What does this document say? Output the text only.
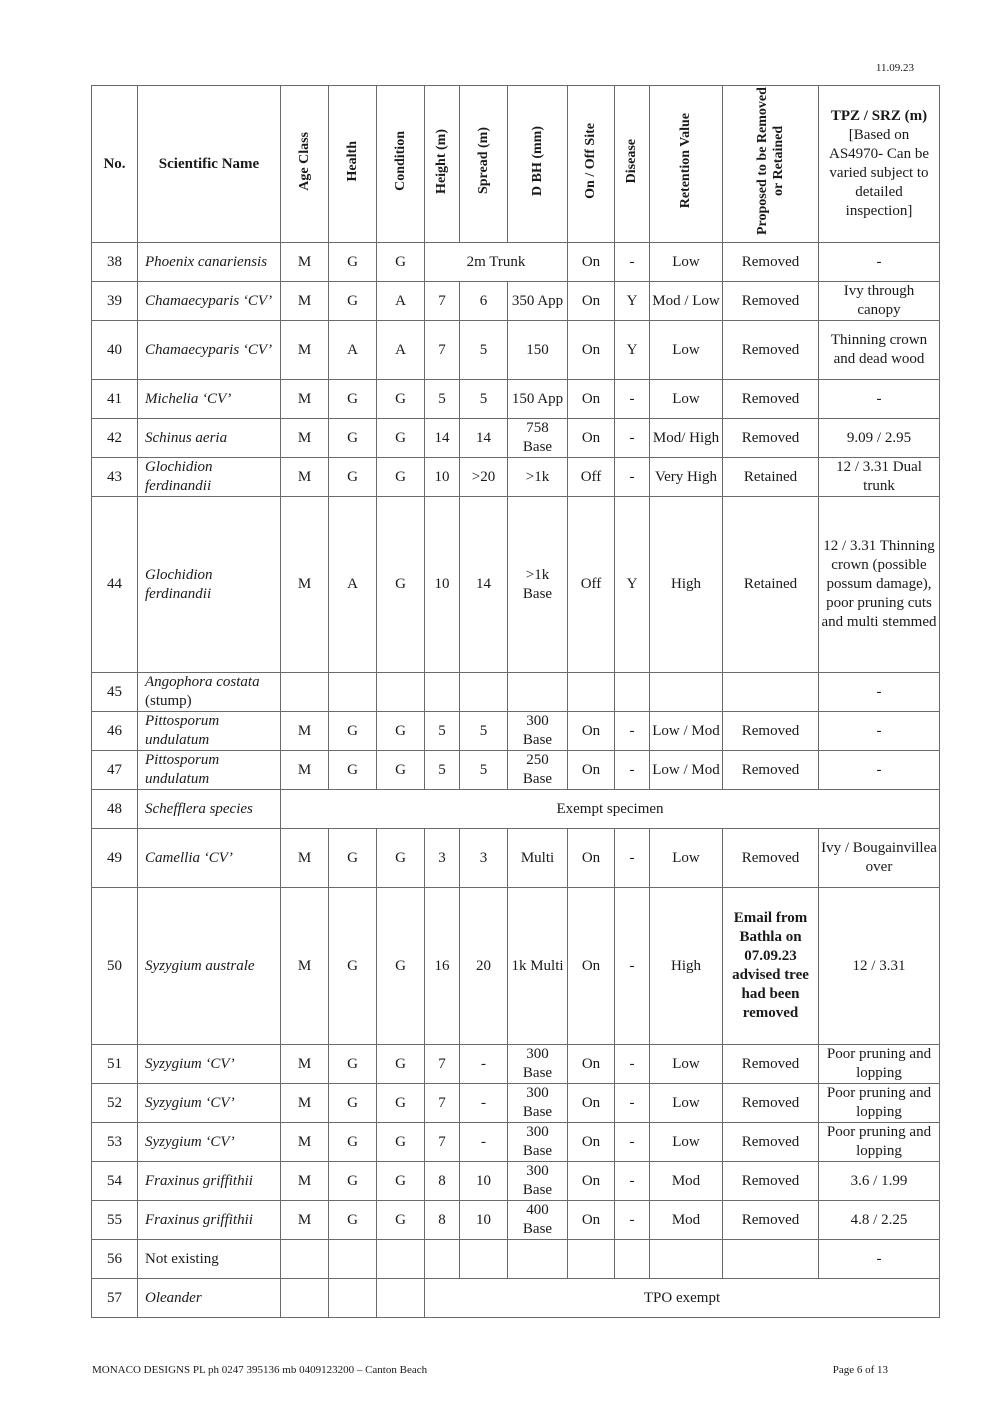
11.09.23
No.	Scientific Name	Age Class	Health	Condition	Height (m)	Spread (m)	D BH (mm)	On / Off Site	Disease	Retention Value	Proposed to be Removed or Retained	TPZ / SRZ (m)
[Based on AS4970- Can be varied subject to detailed inspection]

38	Phoenix canariensis	M	G	G	2m Trunk			On	-	Low	Removed	-
39	Chamaecyparis ‘CV’	M	G	A	7	6	350 App	On	Y	Mod / Low	Removed	Ivy through canopy
40	Chamaecyparis ‘CV’	M	A	A	7	5	150	On	Y	Low	Removed	Thinning crown and dead wood
41	Michelia ‘CV’	M	G	G	5	5	150 App	On	-	Low	Removed	-
42	Schinus aeria	M	G	G	14	14	758 Base	On	-	Mod/ High	Removed	9.09 / 2.95
43	Glochidion ferdinandii	M	G	G	10	>20	>1k	Off	-	Very High	Retained	12 / 3.31 Dual trunk
44	Glochidion ferdinandii	M	A	G	10	14	>1k Base	Off	Y	High	Retained	12 / 3.31 Thinning crown (possible possum damage), poor pruning cuts and multi stemmed
45	Angophora costata (stump)											-
46	Pittosporum undulatum	M	G	G	5	5	300 Base	On	-	Low / Mod	Removed	-
47	Pittosporum undulatum	M	G	G	5	5	250 Base	On	-	Low / Mod	Removed	-
48	Schefflera species	Exempt specimen										
49	Camellia ‘CV’	M	G	G	3	3	Multi	On	-	Low	Removed	Ivy / Bougainvillea over
50	Syzygium australe	M	G	G	16	20	1k Multi	On	-	High	Email from Bathla on 07.09.23 advised tree had been removed	12 / 3.31
51	Syzygium ‘CV’	M	G	G	7	-	300 Base	On	-	Low	Removed	Poor pruning and lopping
52	Syzygium ‘CV’	M	G	G	7	-	300 Base	On	-	Low	Removed	Poor pruning and lopping
53	Syzygium ‘CV’	M	G	G	7	-	300 Base	On	-	Low	Removed	Poor pruning and lopping
54	Fraxinus griffithii	M	G	G	8	10	300 Base	On	-	Mod	Removed	3.6 / 1.99
55	Fraxinus griffithii	M	G	G	8	10	400 Base	On	-	Mod	Removed	4.8 / 2.25
56	Not existing											-
57	Oleander				TPO exempt							
MONACO DESIGNS PL ph 0247 395136 mb 0409123200 – Canton Beach	Page 6 of 13
